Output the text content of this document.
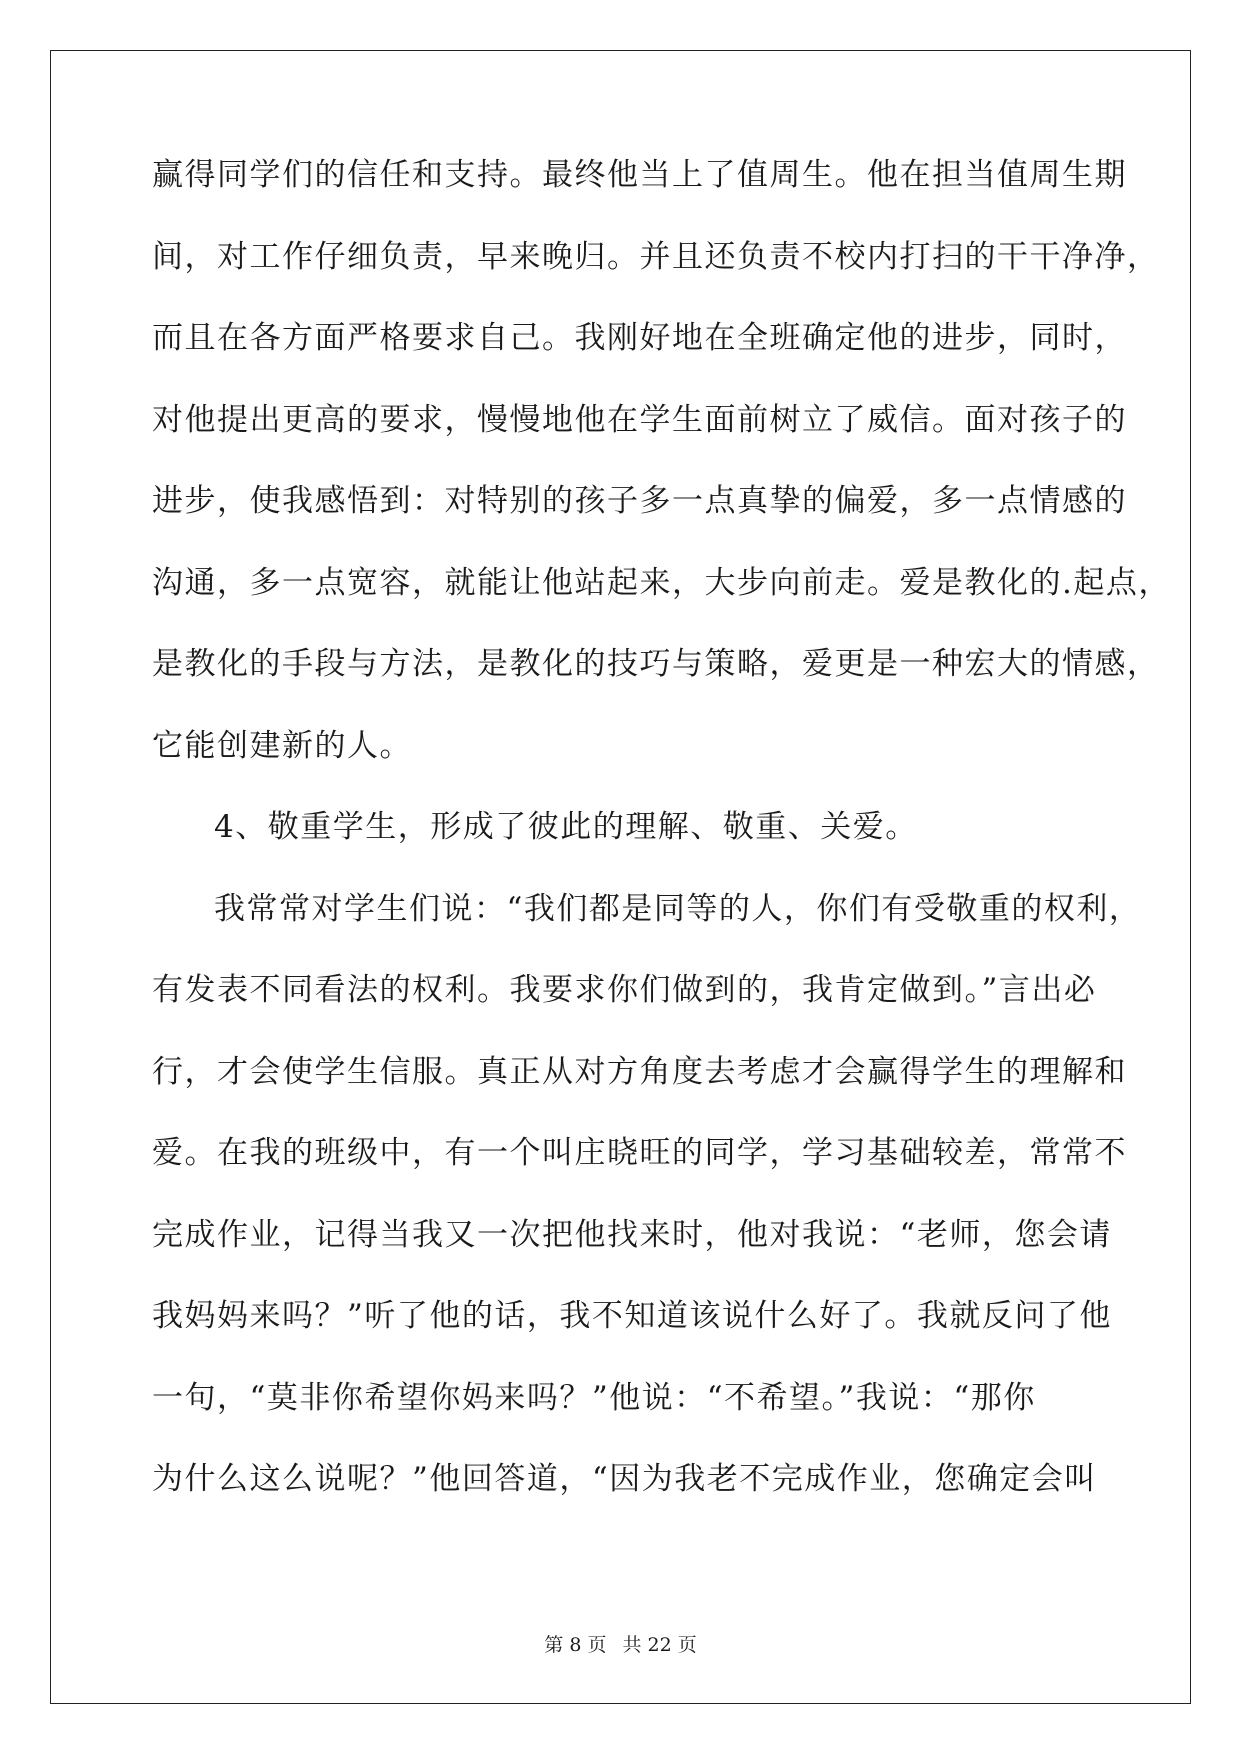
赢得同学们的信任和支持。最终他当上了值周生。他在担当值周生期
间，对工作仔细负责，早来晚归。并且还负责不校内打扫的干干净净，
而且在各方面严格要求自己。我刚好地在全班确定他的进步，同时，
对他提出更高的要求，慢慢地他在学生面前树立了威信。面对孩子的
进步，使我感悟到：对特别的孩子多一点真挚的偏爱，多一点情感的
沟通，多一点宽容，就能让他站起来，大步向前走。爱是教化的.起点，
是教化的手段与方法，是教化的技巧与策略，爱更是一种宏大的情感，
它能创建新的人。
4、敬重学生，形成了彼此的理解、敬重、关爱。
我常常对学生们说：“我们都是同等的人，你们有受敬重的权利，
有发表不同看法的权利。我要求你们做到的，我肯定做到。”言出必
行，才会使学生信服。真正从对方角度去考虑才会赢得学生的理解和
爱。在我的班级中，有一个叫庄晓旺的同学，学习基础较差，常常不
完成作业，记得当我又一次把他找来时，他对我说：“老师，您会请
我妈妈来吗？”听了他的话，我不知道该说什么好了。我就反问了他
一句，“莫非你希望你妈来吗？”他说：“不希望。”我说：“那你
为什么这么说呢？”他回答道，“因为我老不完成作业，您确定会叫
第 8 页 共 22 页
